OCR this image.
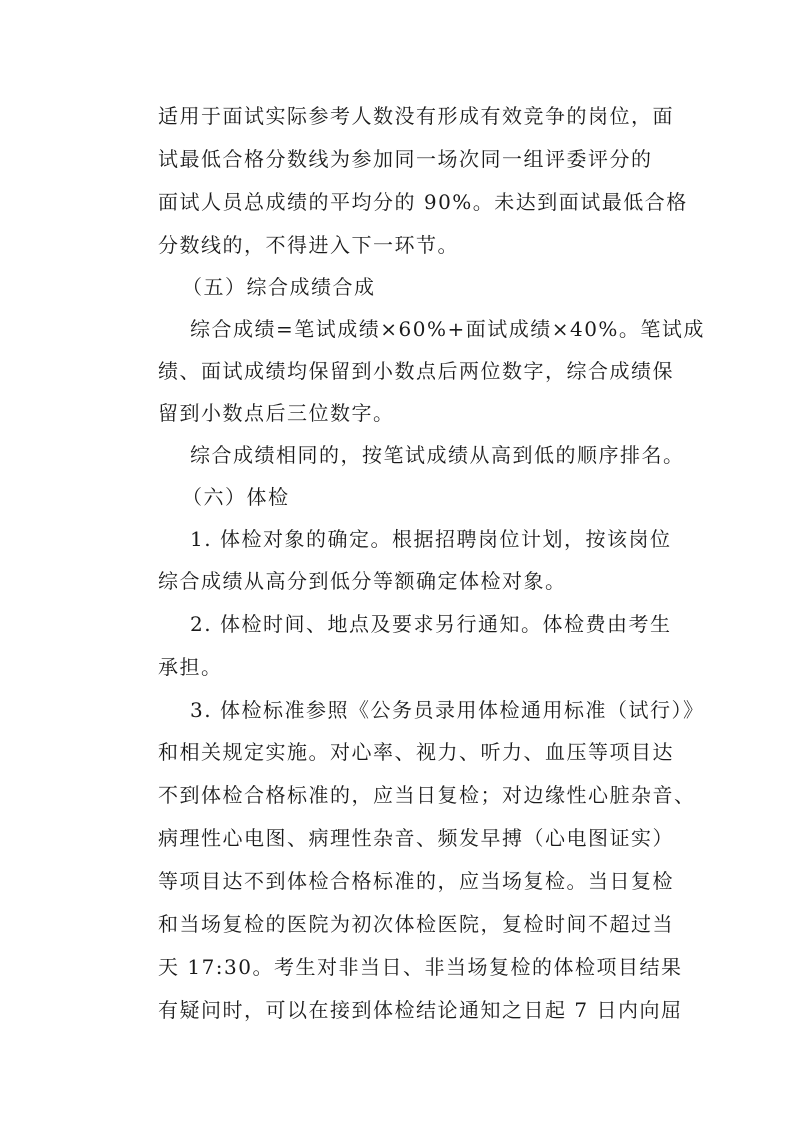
适用于面试实际参考人数没有形成有效竞争的岗位，面
试最低合格分数线为参加同一场次同一组评委评分的
面试人员总成绩的平均分的 90%。未达到面试最低合格
分数线的，不得进入下一环节。
（五）综合成绩合成
综合成绩=笔试成绩×60%+面试成绩×40%。笔试成
绩、面试成绩均保留到小数点后两位数字，综合成绩保
留到小数点后三位数字。
综合成绩相同的，按笔试成绩从高到低的顺序排名。
（六）体检
1. 体检对象的确定。根据招聘岗位计划，按该岗位
综合成绩从高分到低分等额确定体检对象。
2. 体检时间、地点及要求另行通知。体检费由考生
承担。
3. 体检标准参照《公务员录用体检通用标准（试行）》
和相关规定实施。对心率、视力、听力、血压等项目达
不到体检合格标准的，应当日复检；对边缘性心脏杂音、
病理性心电图、病理性杂音、频发早搏（心电图证实）
等项目达不到体检合格标准的，应当场复检。当日复检
和当场复检的医院为初次体检医院，复检时间不超过当
天 17:30。考生对非当日、非当场复检的体检项目结果
有疑问时，可以在接到体检结论通知之日起 7 日内向屈
